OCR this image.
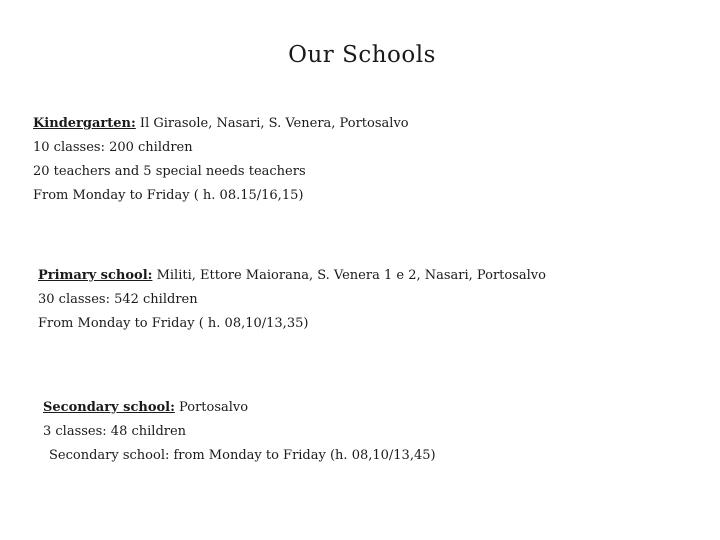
Our Schools
Kindergarten: Il Girasole, Nasari, S. Venera, Portosalvo
10 classes: 200 children
20 teachers and 5 special needs teachers
From Monday to Friday ( h. 08.15/16,15)
Primary school: Militi, Ettore Maiorana, S. Venera 1 e 2, Nasari, Portosalvo
30 classes: 542 children
From Monday to Friday ( h. 08,10/13,35)
Secondary school: Portosalvo
3 classes: 48 children
Secondary school: from Monday to Friday (h. 08,10/13,45)
